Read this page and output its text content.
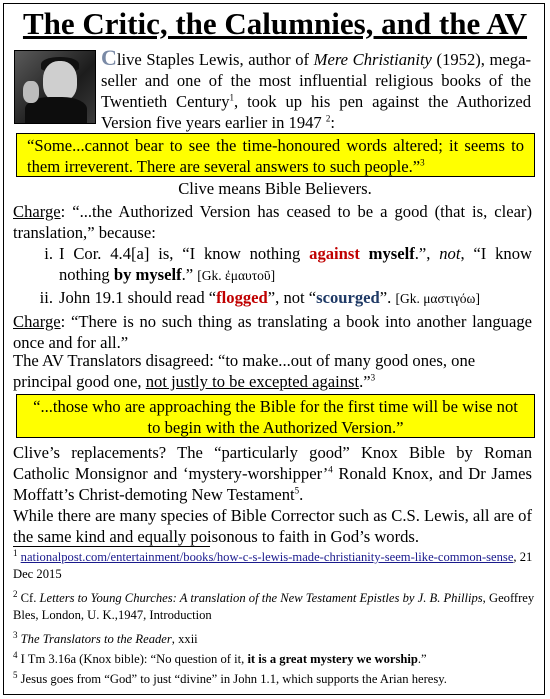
The Critic, the Calumnies, and the AV
Clive Staples Lewis, author of Mere Christianity (1952), mega-seller and one of the most influential religious books of the Twentieth Century$^1$, took up his pen against the Authorized Version five years earlier in 1947 $^2$:
“Some...cannot bear to see the time-honoured words altered; it seems to them irreverent. There are several answers to such people.”$^3$
Clive means Bible Believers.
Charge: “...the Authorized Version has ceased to be a good (that is, clear) translation,” because:
i. I Cor. 4.4[a] is, “I know nothing against myself.”, not, “I know nothing by myself.” [Gk. ἐμαυτοῦ]
ii. John 19.1 should read “flogged”, not “scourged”. [Gk. μαστιγόω]
Charge: “There is no such thing as translating a book into another language once and for all.”
The AV Translators disagreed: “to make...out of many good ones, one principal good one, not justly to be excepted against.”$^3$
“...those who are approaching the Bible for the first time will be wise not to begin with the Authorized Version.”
Clive’s replacements? The “particularly good” Knox Bible by Roman Catholic Monsignor and ‘mystery-worshipper’$^4$ Ronald Knox, and Dr James Moffatt’s Christ-demoting New Testament$^5$.
While there are many species of Bible Corrector such as C.S. Lewis, all are of the same kind and equally poisonous to faith in God’s words.
$^1$ nationalpost.com/entertainment/books/how-c-s-lewis-made-christianity-seem-like-common-sense, 21 Dec 2015
$^2$ Cf. Letters to Young Churches: A translation of the New Testament Epistles by J. B. Phillips, Geoffrey Bles, London, U. K.,1947, Introduction
$^3$ The Translators to the Reader, xxii
$^4$ I Tm 3.16a (Knox bible): “No question of it, it is a great mystery we worship.”
$^5$ Jesus goes from “God” to just “divine” in John 1.1, which supports the Arian heresy.
